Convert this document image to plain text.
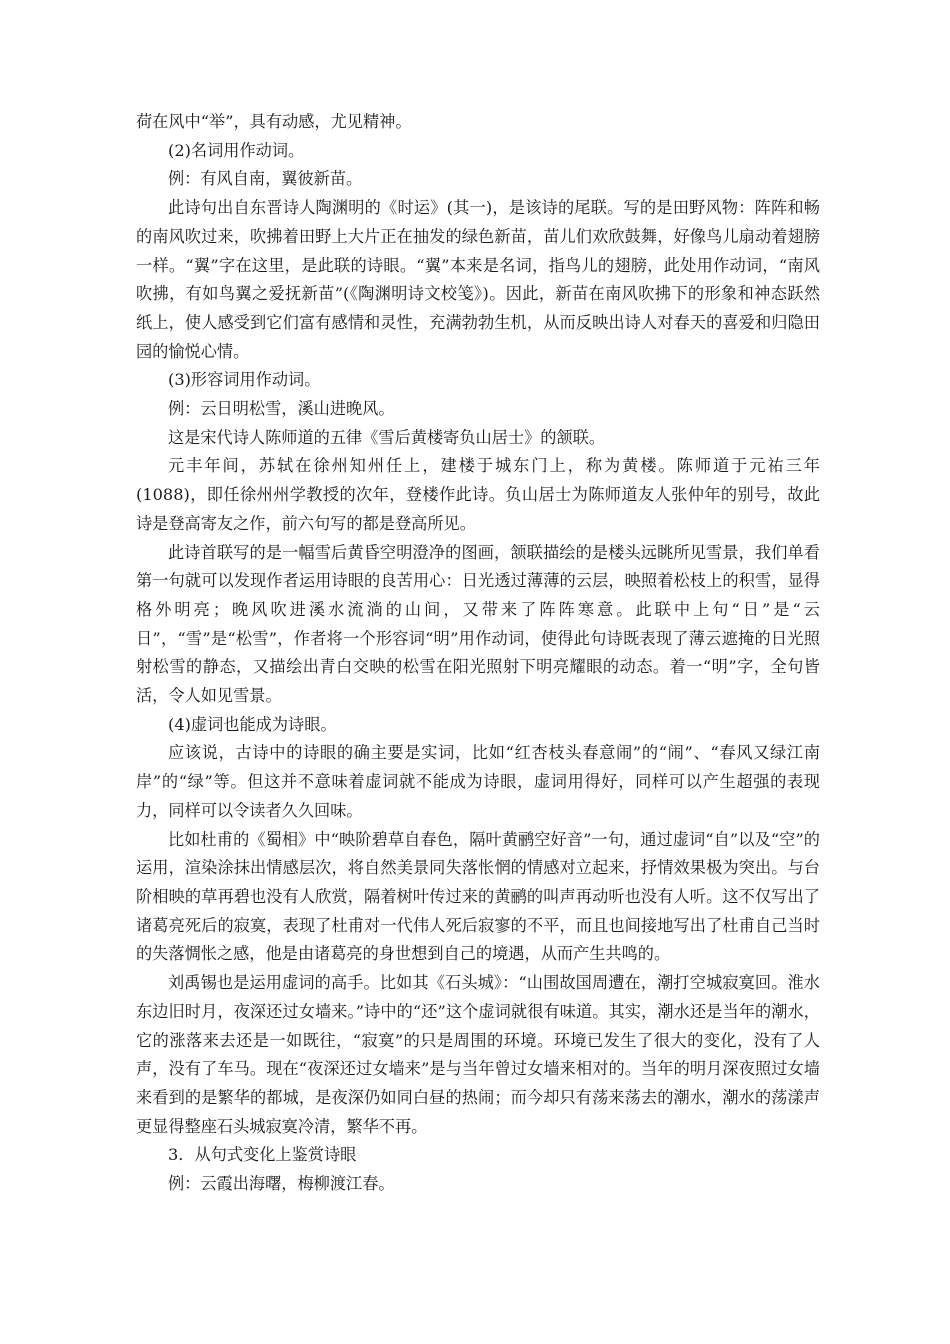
荷在风中“举”，具有动感，尤见精神。

(2)名词用作动词。

例：有风自南，翼彼新苗。

此诗句出自东晋诗人陶渊明的《时运》(其一)，是该诗的尾联。写的是田野风物：阵阵和畅的南风吹过来，吹拂着田野上大片正在抽发的绿色新苗，苗儿们欢欣鼓舞，好像鸟儿扇动着翅膀一样。“翼”字在这里，是此联的诗眼。“翼”本来是名词，指鸟儿的翅膀，此处用作动词，“南风吹拂，有如鸟翼之爱抚新苗”(《陶渊明诗文校笺》)。因此，新苗在南风吹拂下的形象和神态跃然纸上，使人感受到它们富有感情和灵性，充满勃勃生机，从而反映出诗人对春天的喜爱和归隐田园的愉悦心情。

(3)形容词用作动词。

例：云日明松雪，溪山进晚风。

这是宋代诗人陈师道的五律《雪后黄楼寄负山居士》的颔联。

元丰年间，苏轼在徐州知州任上，建楼于城东门上，称为黄楼。陈师道于元祐三年(1088)，即任徐州州学教授的次年，登楼作此诗。负山居士为陈师道友人张仲年的别号，故此诗是登高寄友之作，前六句写的都是登高所见。

此诗首联写的是一幅雪后黄昏空明澄净的图画，颔联描绘的是楼头远眺所见雪景，我们单看第一句就可以发现作者运用诗眼的良苦用心：日光透过薄薄的云层，映照着松枝上的积雪，显得格外明亮；晚风吹进溪水流淌的山间，又带来了阵阵寒意。此联中上句“日”是“云日”，“雪”是“松雪”，作者将一个形容词“明”用作动词，使得此句诗既表现了薄云遮掩的日光照射松雪的静态，又描绘出青白交映的松雪在阳光照射下明亮耀眼的动态。着一“明”字，全句皆活，令人如见雪景。

(4)虚词也能成为诗眼。

应该说，古诗中的诗眼的确主要是实词，比如“红杏枝头春意闹”的“闹”、“春风又绿江南岸”的“绿”等。但这并不意味着虚词就不能成为诗眼，虚词用得好，同样可以产生超强的表现力，同样可以令读者久久回味。

比如杜甫的《蜀相》中“映阶碧草自春色，隔叶黄鹂空好音”一句，通过虚词“自”以及“空”的运用，渲染涂抹出情感层次，将自然美景同失落怅惘的情感对立起来，抒情效果极为突出。与台阶相映的草再碧也没有人欣赏，隔着树叶传过来的黄鹂的叫声再动听也没有人听。这不仅写出了诸葛亮死后的寂寞，表现了杜甫对一代伟人死后寂寥的不平，而且也间接地写出了杜甫自己当时的失落惆怅之感，他是由诸葛亮的身世想到自己的境遇，从而产生共鸣的。

刘禹锡也是运用虚词的高手。比如其《石头城》：“山围故国周遭在，潮打空城寂寞回。淮水东边旧时月，夜深还过女墙来。”诗中的“还”这个虚词就很有味道。其实，潮水还是当年的潮水，它的涨落来去还是一如既往，“寂寞”的只是周围的环境。环境已发生了很大的变化，没有了人声，没有了车马。现在“夜深还过女墙来”是与当年曾过女墙来相对的。当年的明月深夜照过女墙来看到的是繁华的都城，是夜深仍如同白昼的热闹；而今却只有荡来荡去的潮水，潮水的荡漾声更显得整座石头城寂寞冷清，繁华不再。

3．从句式变化上鉴赏诗眼

例：云霞出海曙，梅柳渡江春。
